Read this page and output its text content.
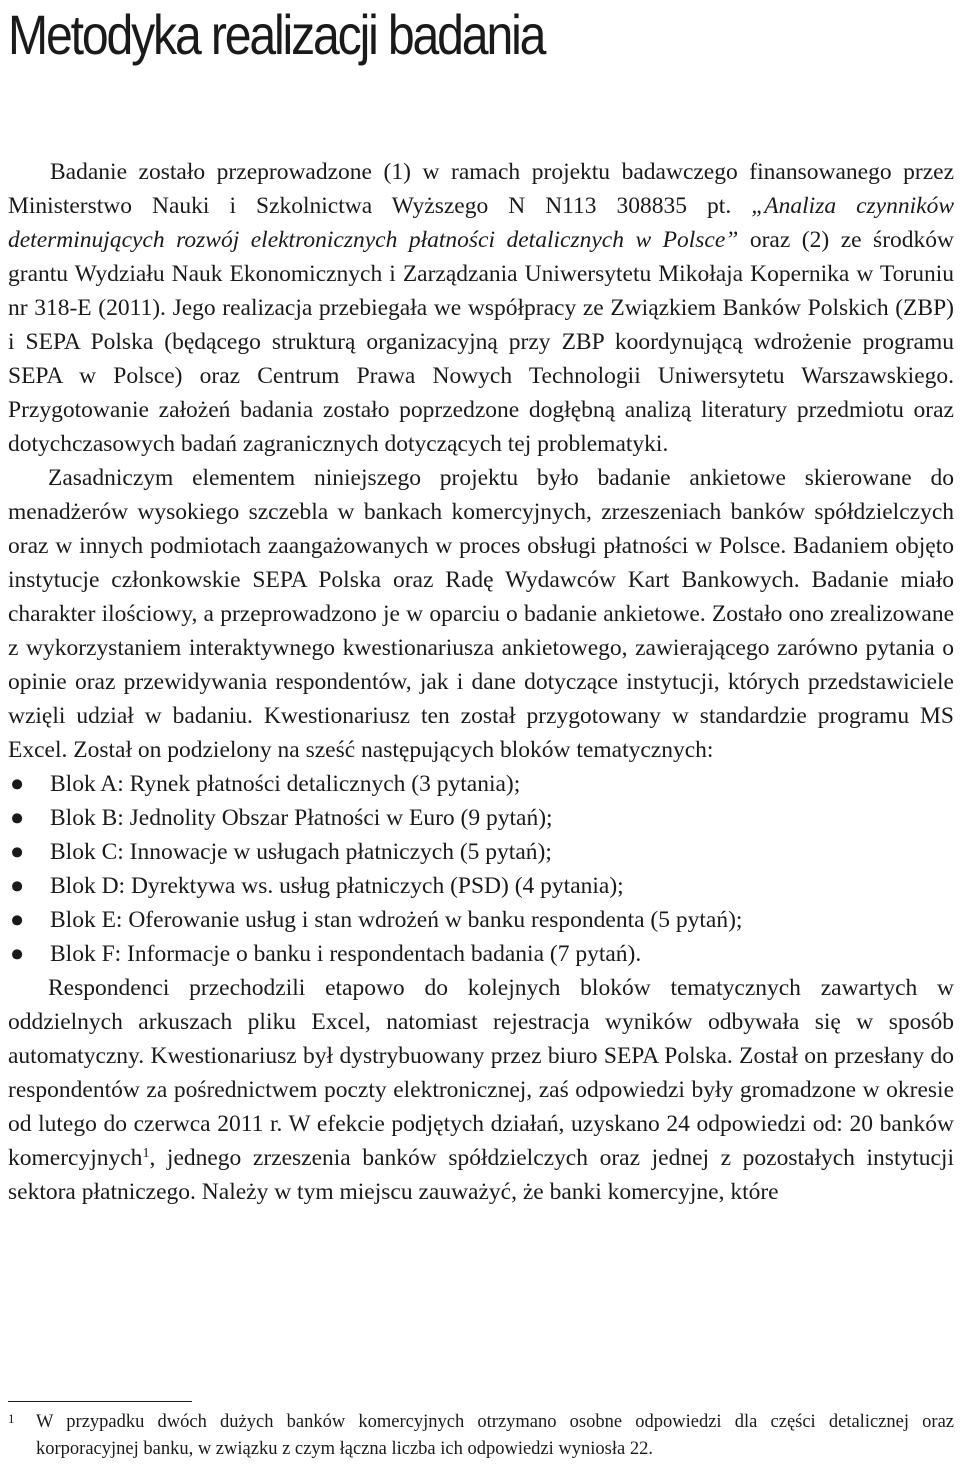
Metodyka realizacji badania

Badanie zostało przeprowadzone (1) w ramach projektu badawczego finansowanego przez Ministerstwo Nauki i Szkolnictwa Wyższego N N113 308835 pt. „Analiza czynników determinujących rozwój elektronicznych płatności detalicznych w Polsce” oraz (2) ze środków grantu Wydziału Nauk Ekonomicznych i Zarządzania Uniwersytetu Mikołaja Kopernika w Toruniu nr 318-E (2011). Jego realizacja przebiegała we współpracy ze Związkiem Banków Polskich (ZBP) i SEPA Polska (będącego strukturą organizacyjną przy ZBP koordynującą wdrożenie programu SEPA w Polsce) oraz Centrum Prawa Nowych Technologii Uniwersytetu Warszawskiego. Przygotowanie założeń badania zostało poprzedzone dogłębną analizą literatury przedmiotu oraz dotychczasowych badań zagranicznych dotyczących tej problematyki.

Zasadniczym elementem niniejszego projektu było badanie ankietowe skierowane do menadżerów wysokiego szczebla w bankach komercyjnych, zrzeszeniach banków spółdzielczych oraz w innych podmiotach zaangażowanych w proces obsługi płatności w Polsce. Badaniem objęto instytucje członkowskie SEPA Polska oraz Radę Wydawców Kart Bankowych. Badanie miało charakter ilościowy, a przeprowadzono je w oparciu o badanie ankietowe. Zostało ono zrealizowane z wykorzystaniem interaktywnego kwestionariusza ankietowego, zawierającego zarówno pytania o opinie oraz przewidywania respondentów, jak i dane dotyczące instytucji, których przedstawiciele wzięli udział w badaniu. Kwestionariusz ten został przygotowany w standardzie programu MS Excel. Został on podzielony na sześć następujących bloków tematycznych:

● Blok A: Rynek płatności detalicznych (3 pytania);
● Blok B: Jednolity Obszar Płatności w Euro (9 pytań);
● Blok C: Innowacje w usługach płatniczych (5 pytań);
● Blok D: Dyrektywa ws. usług płatniczych (PSD) (4 pytania);
● Blok E: Oferowanie usług i stan wdrożeń w banku respondenta (5 pytań);
● Blok F: Informacje o banku i respondentach badania (7 pytań).

Respondenci przechodzili etapowo do kolejnych bloków tematycznych zawartych w oddzielnych arkuszach pliku Excel, natomiast rejestracja wyników odbywała się w sposób automatyczny. Kwestionariusz był dystrybuowany przez biuro SEPA Polska. Został on przesłany do respondentów za pośrednictwem poczty elektronicznej, zaś odpowiedzi były gromadzone w okresie od lutego do czerwca 2011 r. W efekcie podjętych działań, uzyskano 24 odpowiedzi od: 20 banków komercyjnych$^1$, jednego zrzeszenia banków spółdzielczych oraz jednej z pozostałych instytucji sektora płatniczego. Należy w tym miejscu zauważyć, że banki komercyjne, które

1 W przypadku dwóch dużych banków komercyjnych otrzymano osobne odpowiedzi dla części detalicznej oraz korporacyjnej banku, w związku z czym łączna liczba ich odpowiedzi wyniosła 22.
